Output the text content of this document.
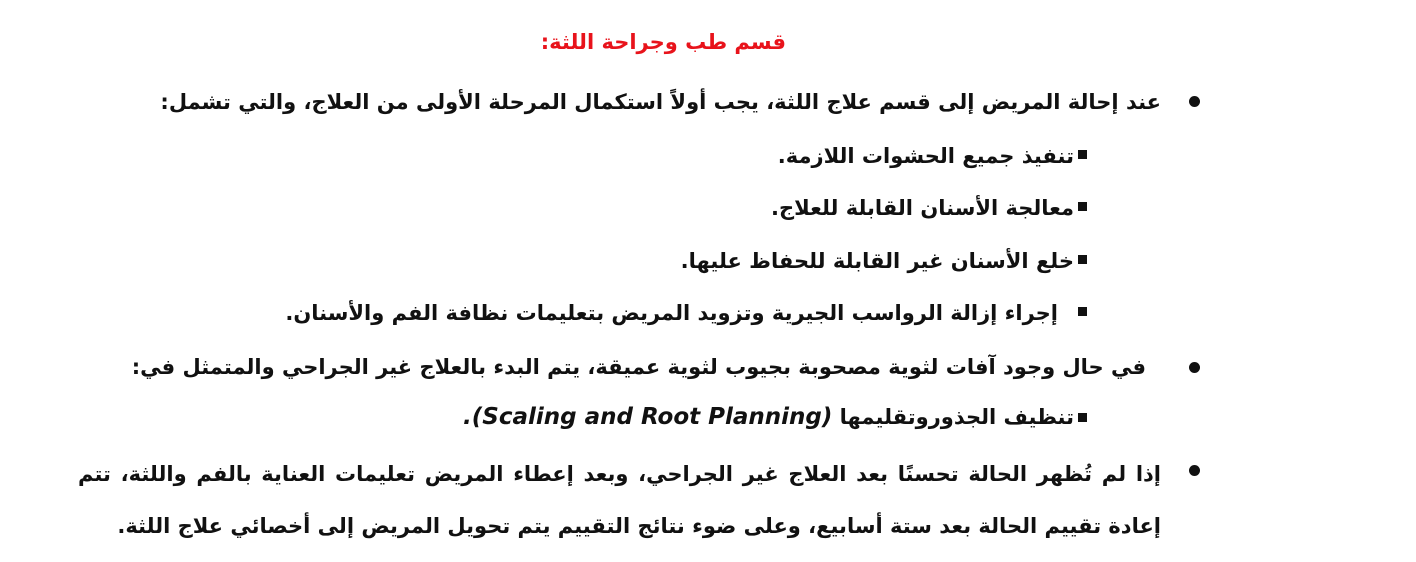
قسم طب وجراحة اللثة:
عند إحالة المريض إلى قسم علاج اللثة، يجب أولاً استكمال المرحلة الأولى من العلاج، والتي تشمل:
تنفيذ جميع الحشوات اللازمة.
معالجة الأسنان القابلة للعلاج.
خلع الأسنان غير القابلة للحفاظ عليها.
إجراء إزالة الرواسب الجيرية وتزويد المريض بتعليمات نظافة الفم والأسنان.
في حال وجود آفات لثوية مصحوبة بجيوب لثوية عميقة، يتم البدء بالعلاج غير الجراحي والمتمثل في:
تنظيف الجذوروتقليمها .(Scaling and Root Planning)
إذا لم تُظهر الحالة تحسنًا بعد العلاج غير الجراحي، وبعد إعطاء المريض تعليمات العناية بالفم واللثة، تتم إعادة تقييم الحالة بعد ستة أسابيع، وعلى ضوء نتائج التقييم يتم تحويل المريض إلى أخصائي علاج اللثة.
